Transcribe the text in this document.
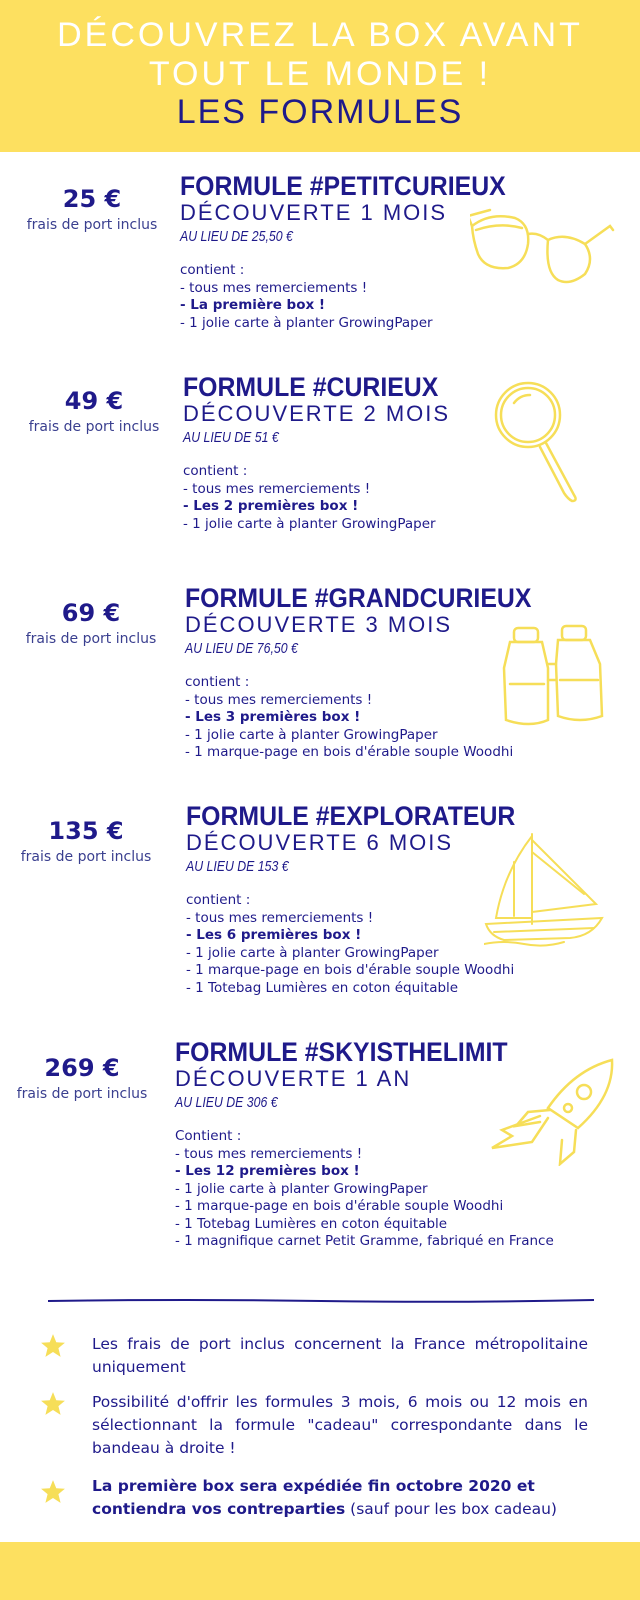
DÉCOUVREZ LA BOX AVANT
TOUT LE MONDE !
LES FORMULES
25 €
frais de port inclus
FORMULE #PETITCURIEUX
DÉCOUVERTE 1 MOIS
AU LIEU DE 25,50 €
contient :
- tous mes remerciements !
- La première box !
- 1 jolie carte à planter GrowingPaper
49 €
frais de port inclus
FORMULE #CURIEUX
DÉCOUVERTE 2 MOIS
AU LIEU DE 51 €
contient :
- tous mes remerciements !
- Les 2 premières box !
- 1 jolie carte à planter GrowingPaper
69 €
frais de port inclus
FORMULE #GRANDCURIEUX
DÉCOUVERTE 3 MOIS
AU LIEU DE 76,50 €
contient :
- tous mes remerciements !
- Les 3 premières box !
- 1 jolie carte à planter GrowingPaper
- 1 marque-page en bois d'érable souple Woodhi
135 €
frais de port inclus
FORMULE #EXPLORATEUR
DÉCOUVERTE 6 MOIS
AU LIEU DE 153 €
contient :
- tous mes remerciements !
- Les 6 premières box !
- 1 jolie carte à planter GrowingPaper
- 1 marque-page en bois d'érable souple Woodhi
- 1 Totebag Lumières en coton équitable
269 €
frais de port inclus
FORMULE #SKYISTHELIMIT
DÉCOUVERTE 1 AN
AU LIEU DE 306 €
Contient :
- tous mes remerciements !
- Les 12 premières box !
- 1 jolie carte à planter GrowingPaper
- 1 marque-page en bois d'érable souple Woodhi
- 1 Totebag Lumières en coton équitable
- 1 magnifique carnet Petit Gramme, fabriqué en France
Les frais de port inclus concernent la France métropolitaine uniquement
Possibilité d'offrir les formules 3 mois, 6 mois ou 12 mois en sélectionnant la formule "cadeau" correspondante dans le bandeau à droite !
La première box sera expédiée fin octobre 2020 et contiendra vos contreparties (sauf pour les box cadeau)
